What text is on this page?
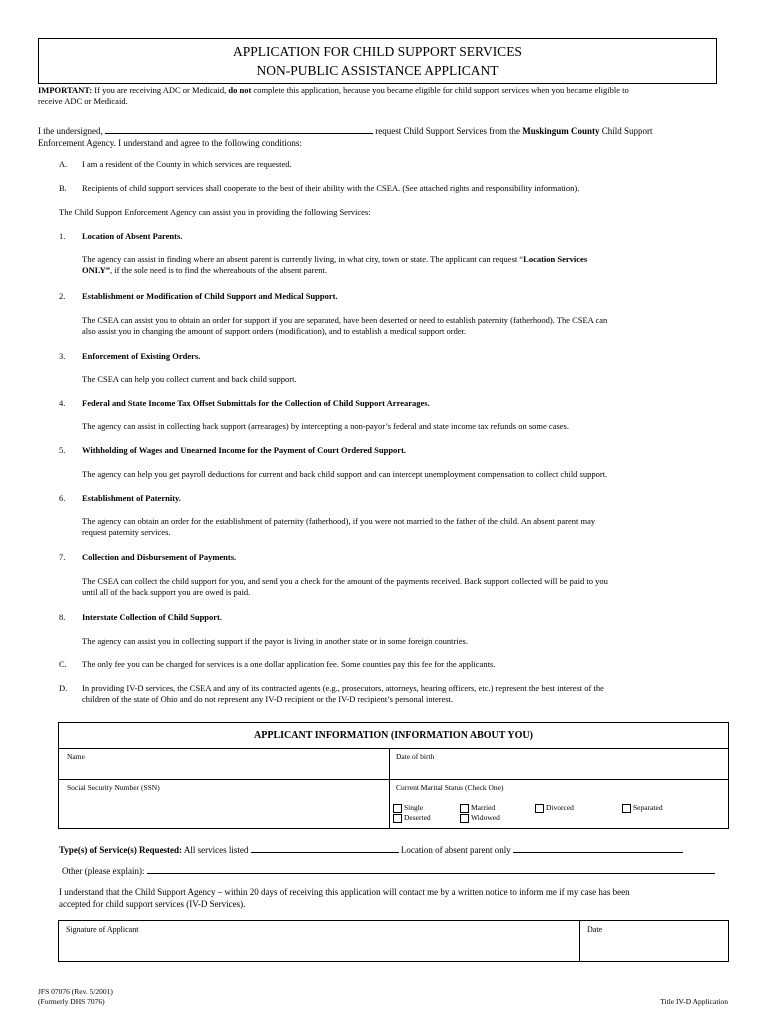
APPLICATION FOR CHILD SUPPORT SERVICES
NON-PUBLIC ASSISTANCE APPLICANT
IMPORTANT: If you are receiving ADC or Medicaid, do not complete this application, because you became eligible for child support services when you became eligible to
receive ADC or Medicaid.
I the undersigned,	request Child Support Services from the Muskingum County Child Support
Enforcement Agency. I understand and agree to the following conditions:
A. I am a resident of the County in which services are requested.
B. Recipients of child support services shall cooperate to the best of their ability with the CSEA. (See attached rights and responsibility information).
The Child Support Enforcement Agency can assist you in providing the following Services:
1. Location of Absent Parents.
The agency can assist in finding where an absent parent is currently living, in what city, town or state. The applicant can request “Location Services
ONLY”, if the sole need is to find the whereabouts of the absent parent.
2. Establishment or Modification of Child Support and Medical Support.
The CSEA can assist you to obtain an order for support if you are separated, have been deserted or need to establish paternity (fatherhood). The CSEA can
also assist you in changing the amount of support orders (modification), and to establish a medical support order.
3. Enforcement of Existing Orders.
The CSEA can help you collect current and back child support.
4. Federal and State Income Tax Offset Submittals for the Collection of Child Support Arrearages.
The agency can assist in collecting back support (arrearages) by intercepting a non-payor’s federal and state income tax refunds on some cases.
5. Withholding of Wages and Unearned Income for the Payment of Court Ordered Support.
The agency can help you get payroll deductions for current and back child support and can intercept unemployment compensation to collect child support.
6. Establishment of Paternity.
The agency can obtain an order for the establishment of paternity (fatherhood), if you were not married to the father of the child. An absent parent may
request paternity services.
7. Collection and Disbursement of Payments.
The CSEA can collect the child support for you, and send you a check for the amount of the payments received. Back support collected will be paid to you
until all of the back support you are owed is paid.
8. Interstate Collection of Child Support.
The agency can assist you in collecting support if the payor is living in another state or in some foreign countries.
C. The only fee you can be charged for services is a one dollar application fee. Some counties pay this fee for the applicants.
D. In providing IV-D services, the CSEA and any of its contracted agents (e.g., prosecutors, attorneys, hearing officers, etc.) represent the best interest of the
children of the state of Ohio and do not represent any IV-D recipient or the IV-D recipient’s personal interest.
APPLICANT INFORMATION (INFORMATION ABOUT YOU)
Name	Date of birth
Social Security Number (SSN)	Current Marital Status (Check One)
Single	Married	Divorced	Separated
Deserted	Widowed
Type(s) of Service(s) Requested: All services listed	Location of absent parent only
Other (please explain):
I understand that the Child Support Agency – within 20 days of receiving this application will contact me by a written notice to inform me if my case has been
accepted for child support services (IV-D Services).
Signature of Applicant	Date
JFS 07076 (Rev. 5/2001)
(Formerly DHS 7076)	Title IV-D Application
